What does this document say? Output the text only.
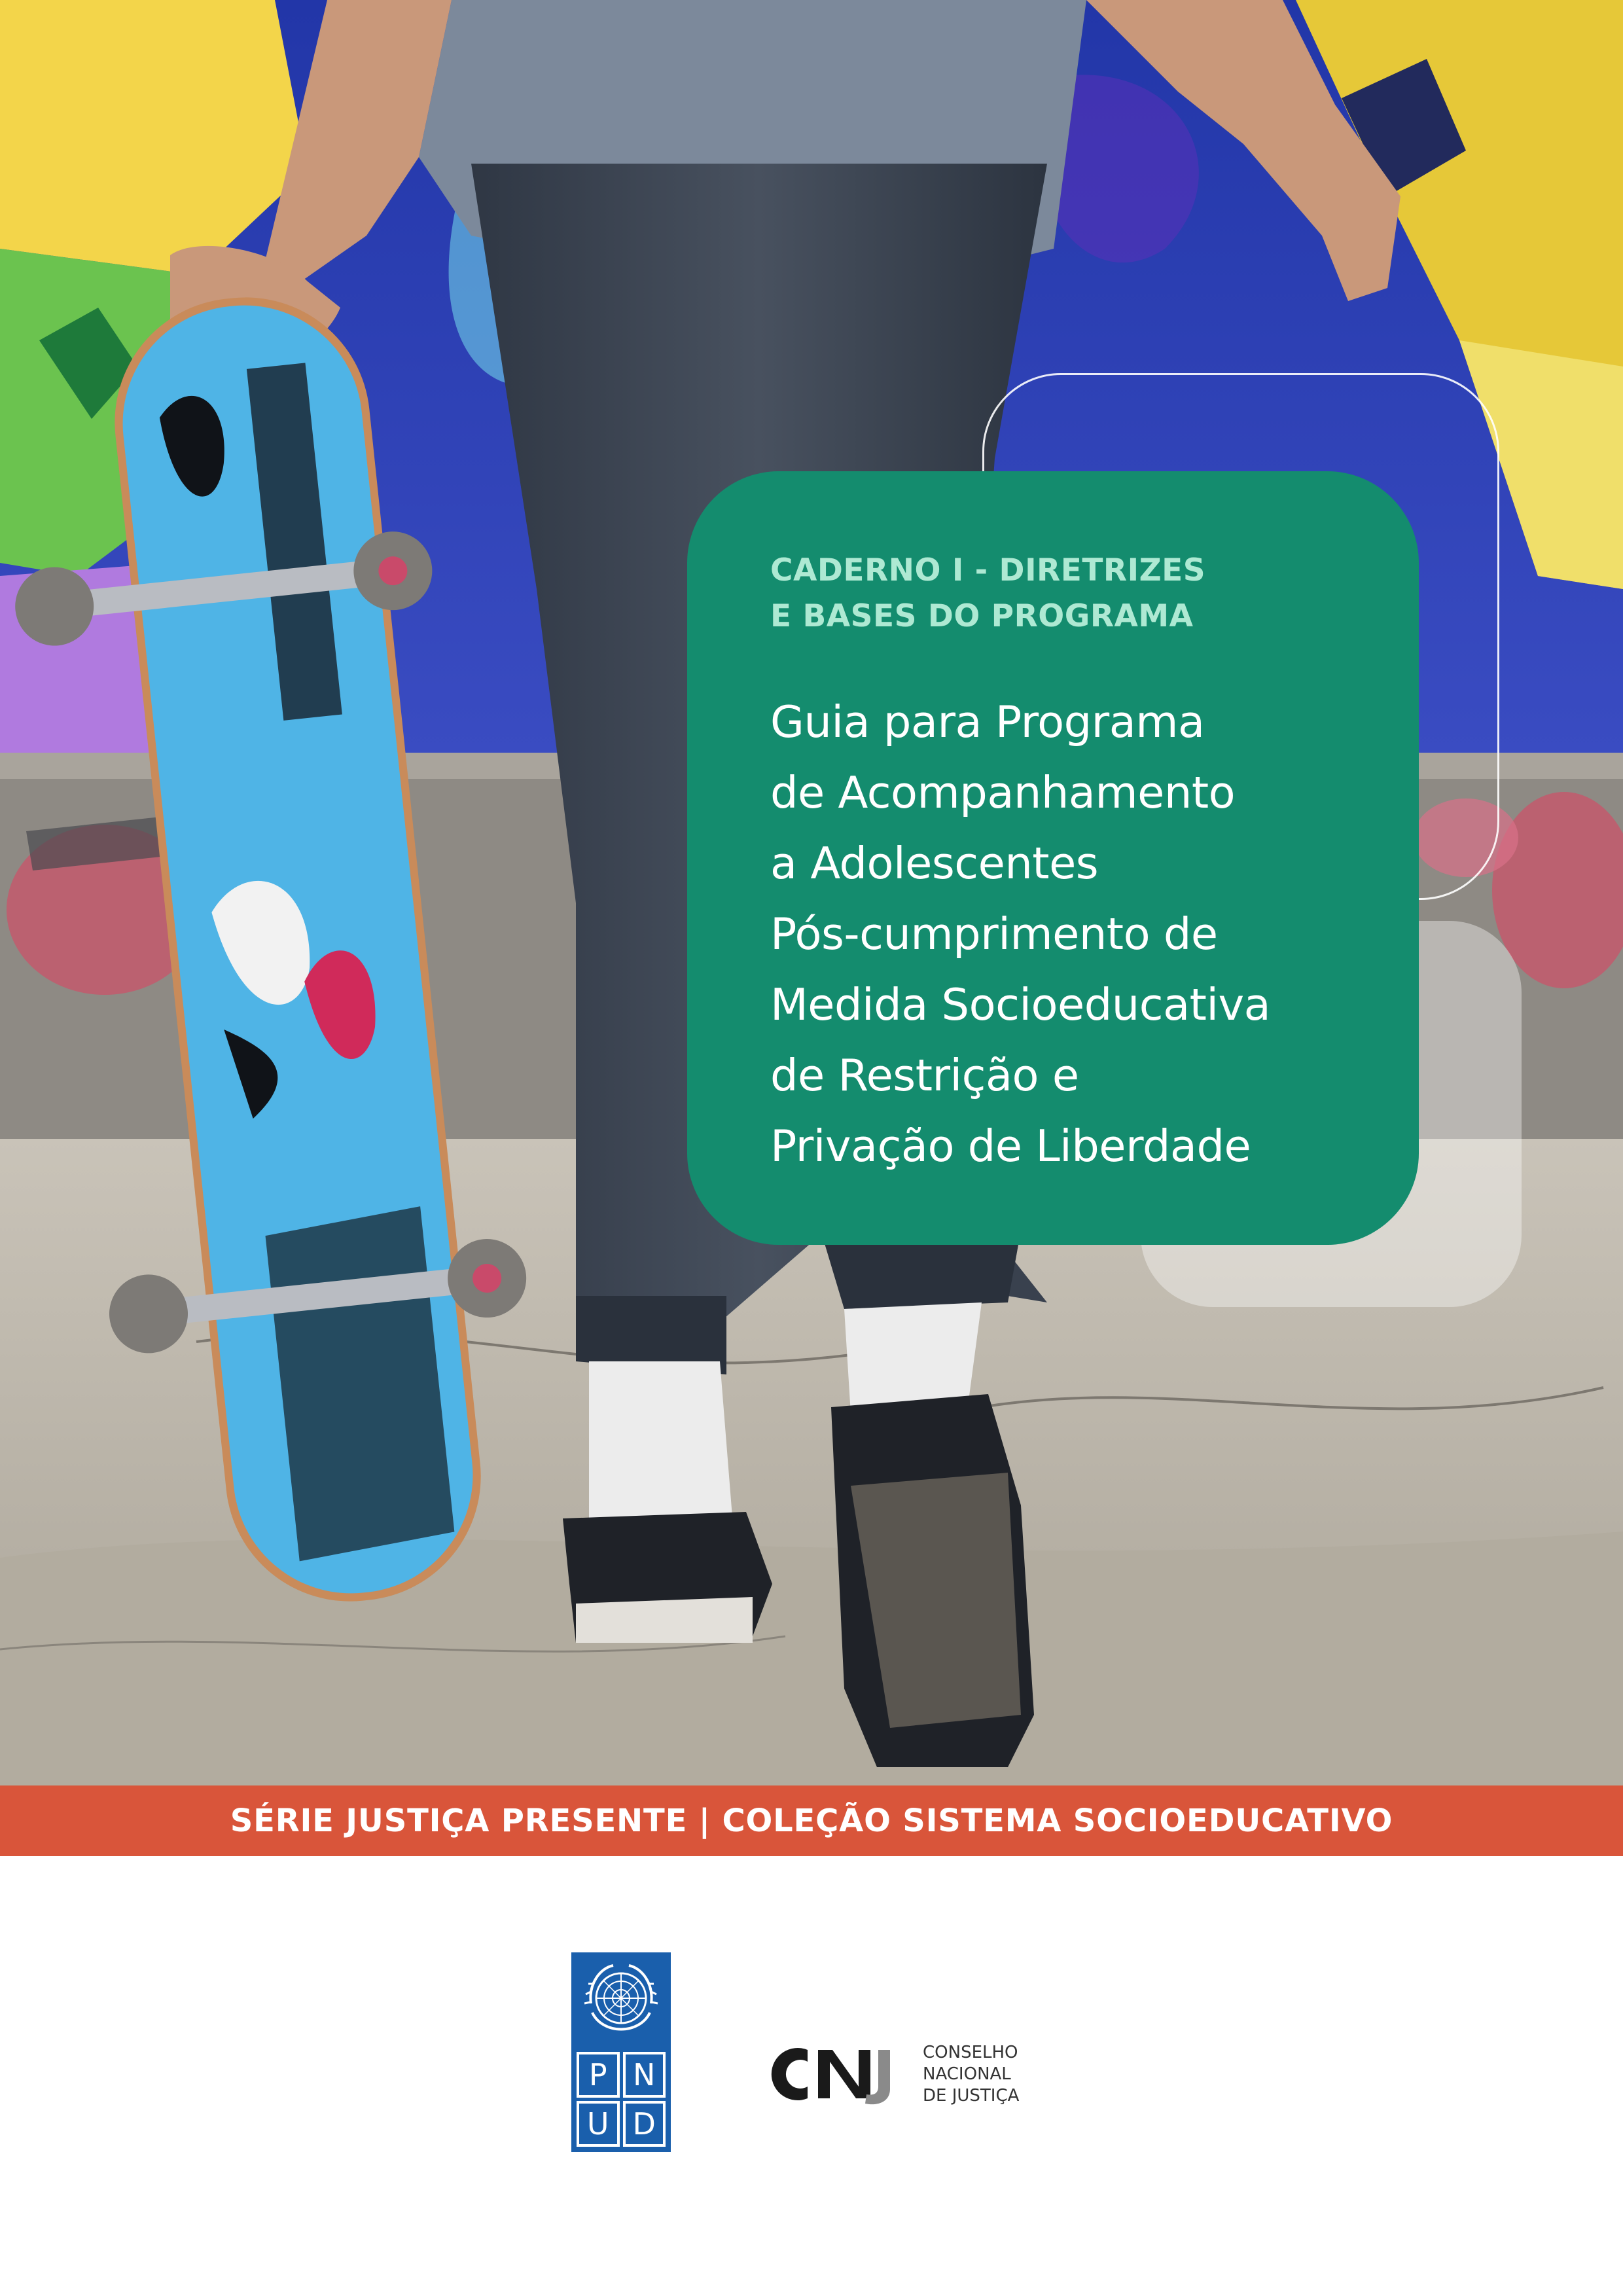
CADERNO I - DIRETRIZES
E BASES DO PROGRAMA
Guia para Programa
de Acompanhamento
a Adolescentes
Pós-cumprimento de
Medida Socioeducativa
de Restrição e
Privação de Liberdade
SÉRIE JUSTIÇA PRESENTE | COLEÇÃO SISTEMA SOCIOEDUCATIVO
P N
U D
CONSELHO
NACIONAL
DE JUSTIÇA
